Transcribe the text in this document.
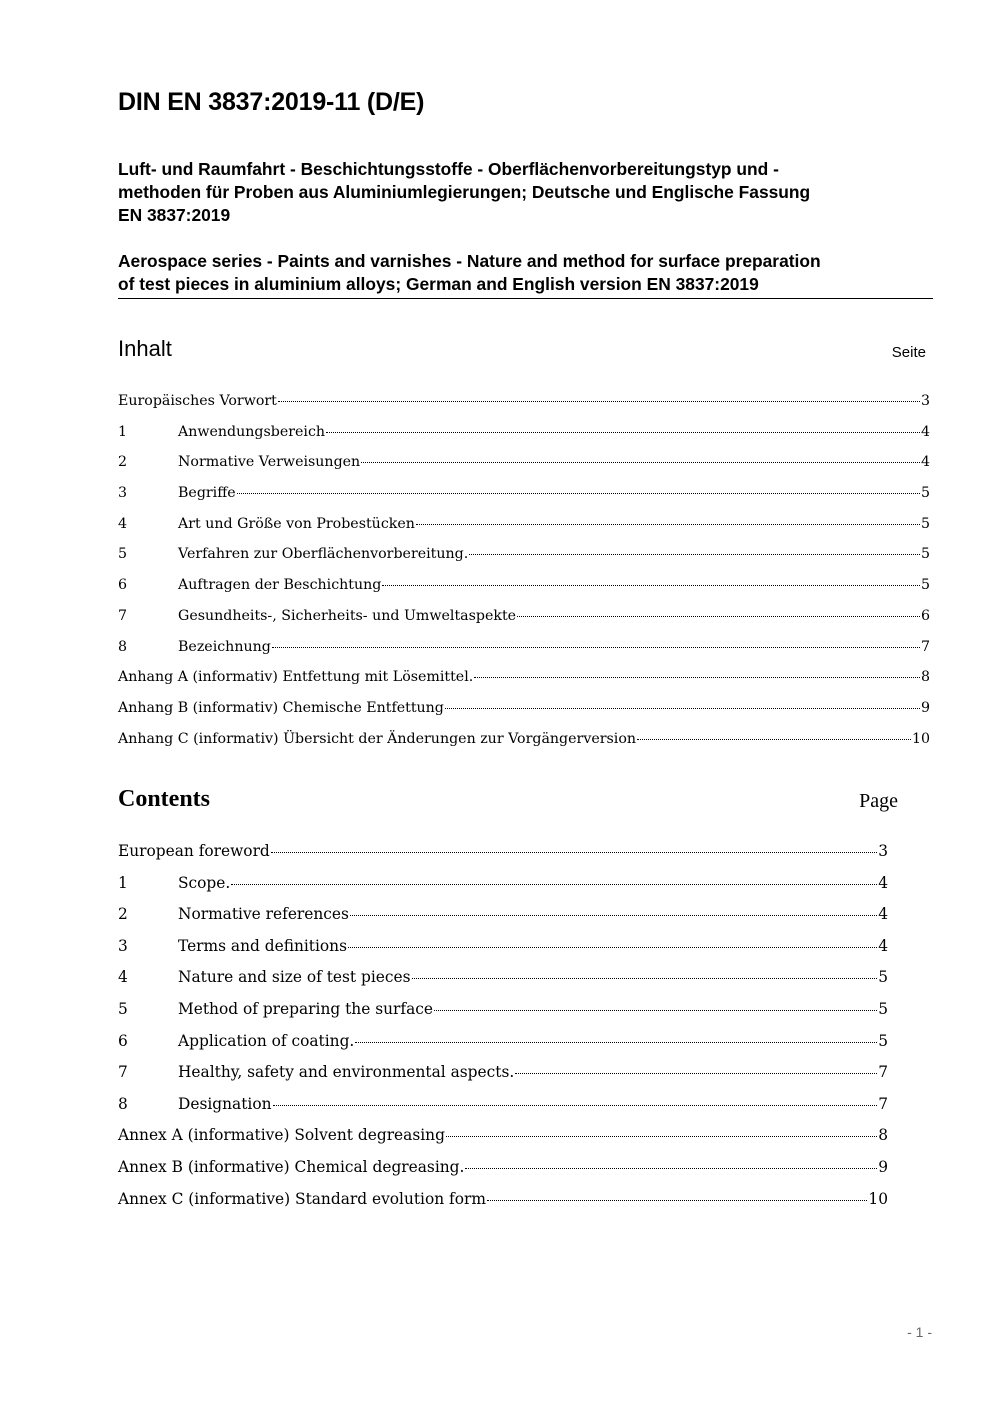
DIN EN 3837:2019-11 (D/E)
Luft- und Raumfahrt - Beschichtungsstoffe - Oberflächenvorbereitungstyp und -
methoden für Proben aus Aluminiumlegierungen; Deutsche und Englische Fassung
EN 3837:2019
Aerospace series - Paints and varnishes - Nature and method for surface preparation
of test pieces in aluminium alloys; German and English version EN 3837:2019
Inhalt	Seite
Europäisches Vorwort	3
1	Anwendungsbereich	4
2	Normative Verweisungen	4
3	Begriffe	5
4	Art und Größe von Probestücken	5
5	Verfahren zur Oberflächenvorbereitung.	5
6	Auftragen der Beschichtung	5
7	Gesundheits-, Sicherheits- und Umweltaspekte	6
8	Bezeichnung	7
Anhang A (informativ) Entfettung mit Lösemittel.	8
Anhang B (informativ) Chemische Entfettung	9
Anhang C (informativ) Übersicht der Änderungen zur Vorgängerversion	10
Contents	Page
European foreword	3
1	Scope.	4
2	Normative references	4
3	Terms and definitions	4
4	Nature and size of test pieces	5
5	Method of preparing the surface	5
6	Application of coating.	5
7	Healthy, safety and environmental aspects.	7
8	Designation	7
Annex A (informative) Solvent degreasing	8
Annex B (informative) Chemical degreasing.	9
Annex C (informative) Standard evolution form	10
- 1 -
